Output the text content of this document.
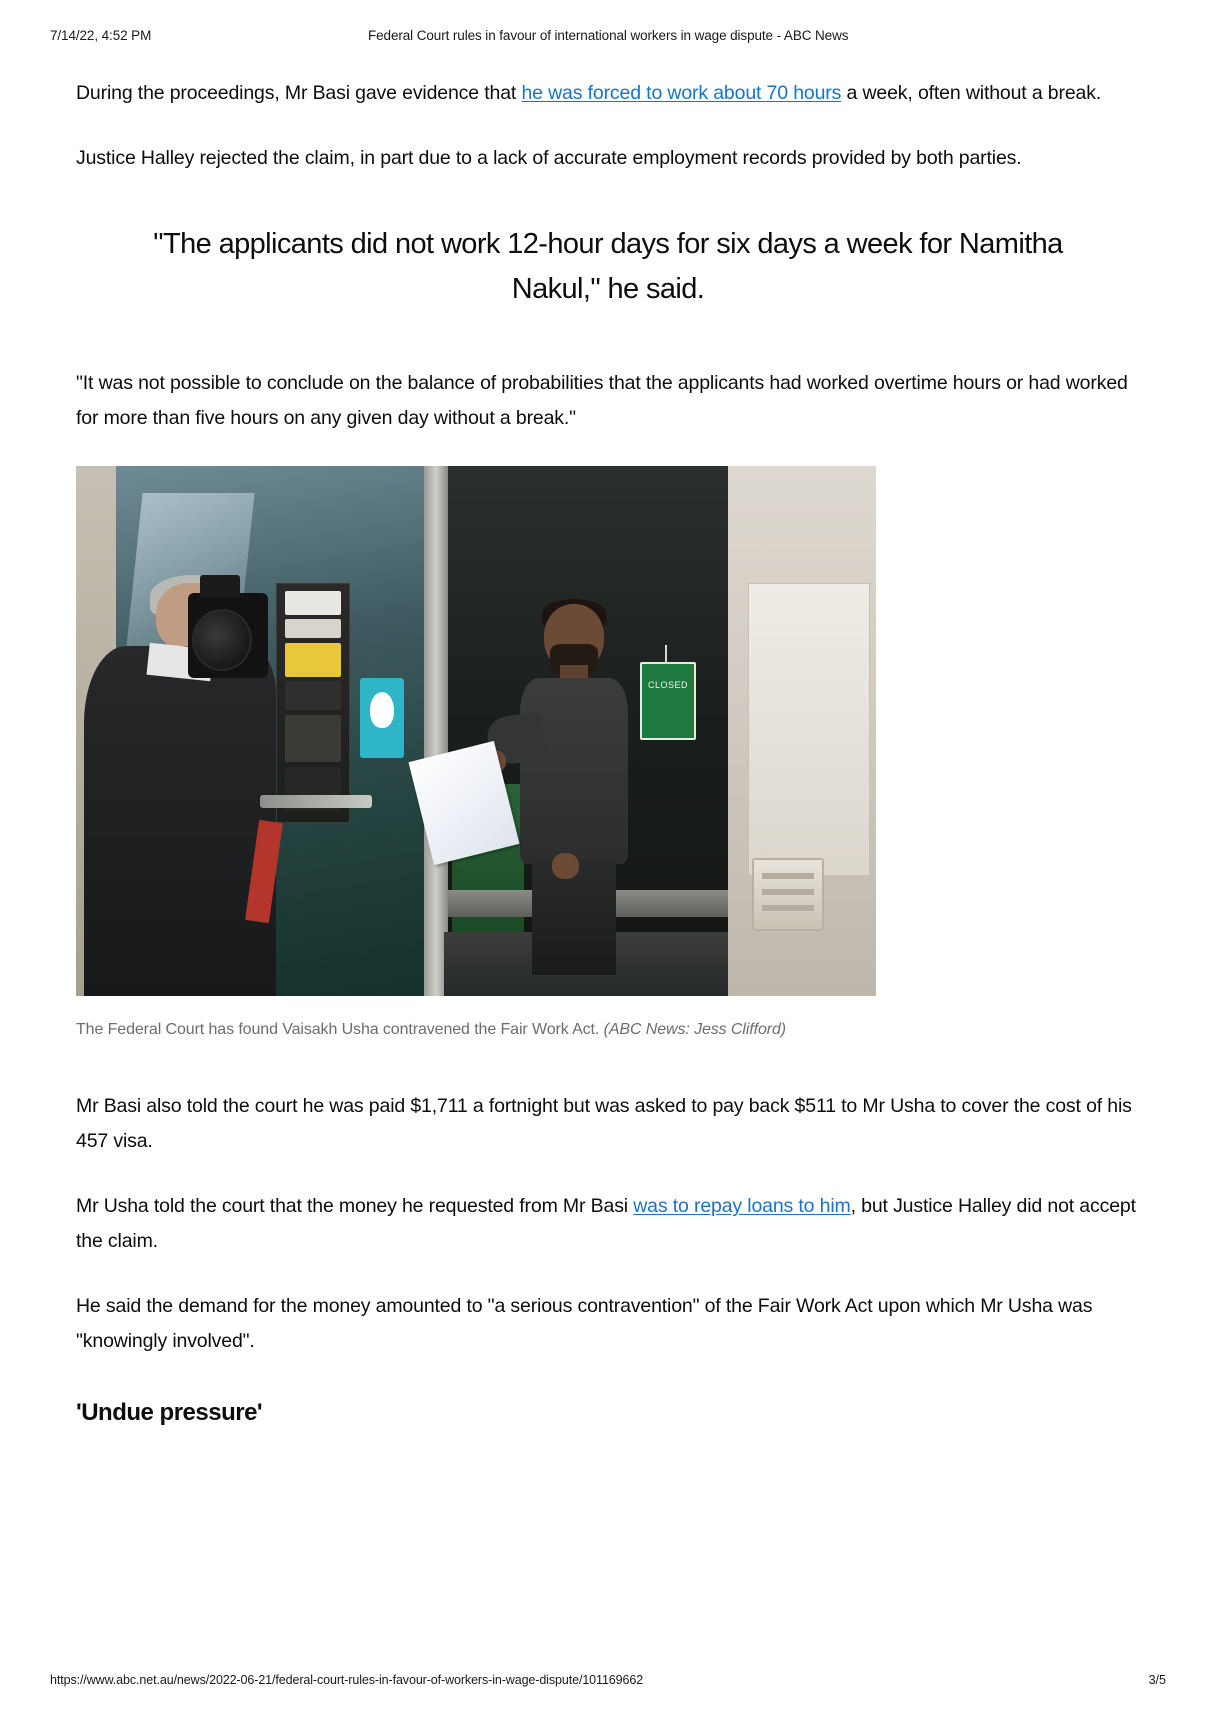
7/14/22, 4:52 PM	Federal Court rules in favour of international workers in wage dispute - ABC News

During the proceedings, Mr Basi gave evidence that he was forced to work about 70 hours a week, often without a break.

Justice Halley rejected the claim, in part due to a lack of accurate employment records provided by both parties.

"The applicants did not work 12-hour days for six days a week for Namitha Nakul," he said.

"It was not possible to conclude on the balance of probabilities that the applicants had worked overtime hours or had worked for more than five hours on any given day without a break."

CLOSED
The Federal Court has found Vaisakh Usha contravened the Fair Work Act. (ABC News: Jess Clifford)

Mr Basi also told the court he was paid $1,711 a fortnight but was asked to pay back $511 to Mr Usha to cover the cost of his 457 visa.

Mr Usha told the court that the money he requested from Mr Basi was to repay loans to him, but Justice Halley did not accept the claim.

He said the demand for the money amounted to "a serious contravention" of the Fair Work Act upon which Mr Usha was "knowingly involved".

'Undue pressure'
https://www.abc.net.au/news/2022-06-21/federal-court-rules-in-favour-of-workers-in-wage-dispute/101169662	3/5
